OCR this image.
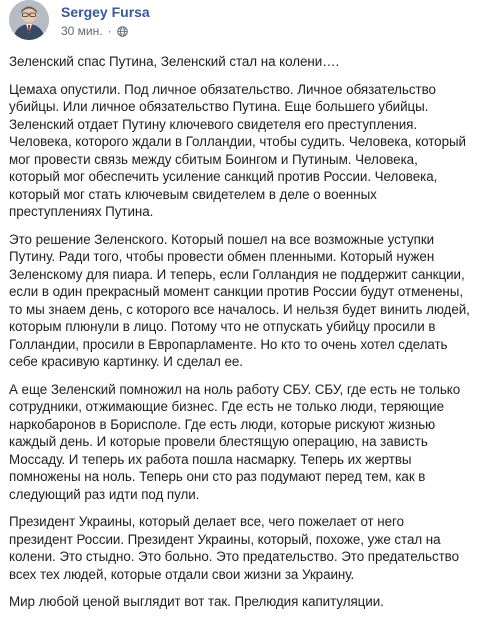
Sergey Fursa
30 мин. ·

Зеленский спас Путина, Зеленский стал на колени….

Цемаха опустили. Под личное обязательство. Личное обязательство убийцы. Или личное обязательство Путина. Еще большего убийцы. Зеленский отдает Путину ключевого свидетеля его преступления. Человека, которого ждали в Голландии, чтобы судить. Человека, который мог провести связь между сбитым Боингом и Путиным. Человека, который мог обеспечить усиление санкций против России. Человека, который мог стать ключевым свидетелем в деле о военных преступлениях Путина.

Это решение Зеленского. Который пошел на все возможные уступки Путину. Ради того, чтобы провести обмен пленными. Который нужен Зеленскому для пиара. И теперь, если Голландия не поддержит санкции, если в один прекрасный момент санкции против России будут отменены, то мы знаем день, с которого все началось. И нельзя будет винить людей, которым плюнули в лицо. Потому что не отпускать убийцу просили в Голландии, просили в Европарламенте. Но кто то очень хотел сделать себе красивую картинку. И сделал ее.

А еще Зеленский помножил на ноль работу СБУ. СБУ, где есть не только сотрудники, отжимающие бизнес. Где есть не только люди, теряющие наркобаронов в Борисполе. Где есть люди, которые рискуют жизнью каждый день. И которые провели блестящую операцию, на зависть Моссаду. И теперь их работа пошла насмарку. Теперь их жертвы помножены на ноль. Теперь они сто раз подумают перед тем, как в следующий раз идти под пули.

Президент Украины, который делает все, чего пожелает от него президент России. Президент Украины, который, похоже, уже стал на колени. Это стыдно. Это больно. Это предательство. Это предательство всех тех людей, которые отдали свои жизни за Украину.

Мир любой ценой выглядит вот так. Прелюдия капитуляции.
